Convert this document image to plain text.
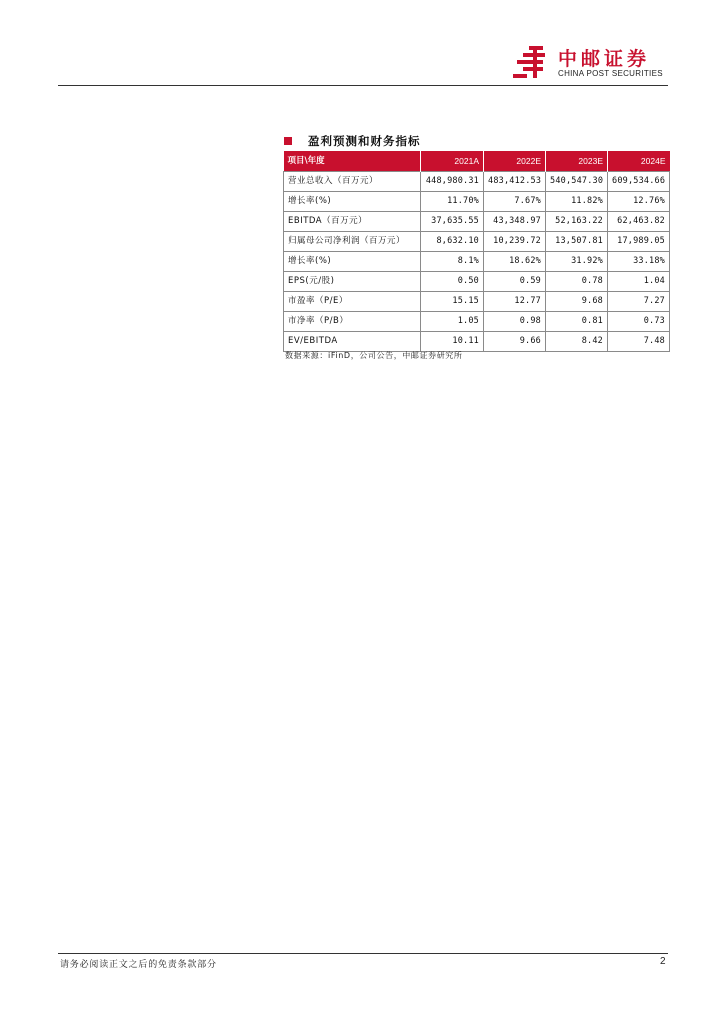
中邮证券
CHINA POST SECURITIES
盈利预测和财务指标
项目\年度	2021A	2022E	2023E	2024E
营业总收入（百万元）	448,980.31	483,412.53	540,547.30	609,534.66
增长率(%)	11.70%	7.67%	11.82%	12.76%
EBITDA（百万元）	37,635.55	43,348.97	52,163.22	62,463.82
归属母公司净利润（百万元）	8,632.10	10,239.72	13,507.81	17,989.05
增长率(%)	8.1%	18.62%	31.92%	33.18%
EPS(元/股)	0.50	0.59	0.78	1.04
市盈率（P/E）	15.15	12.77	9.68	7.27
市净率（P/B）	1.05	0.98	0.81	0.73
EV/EBITDA	10.11	9.66	8.42	7.48
数据来源：iFinD，公司公告，中邮证券研究所
请务必阅读正文之后的免责条款部分	2
